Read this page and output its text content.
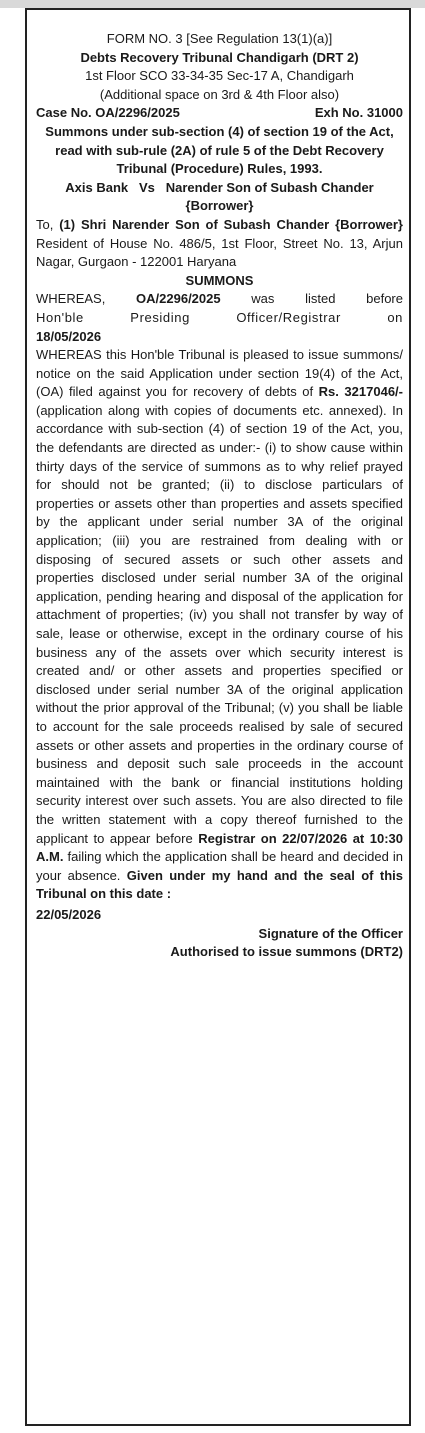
FORM NO. 3 [See Regulation 13(1)(a)]
Debts Recovery Tribunal Chandigarh (DRT 2)
1st Floor SCO 33-34-35 Sec-17 A, Chandigarh
(Additional space on 3rd & 4th Floor also)
Case No. OA/2296/2025	Exh No. 31000
Summons under sub-section (4) of section 19 of the Act, read with sub-rule (2A) of rule 5 of the Debt Recovery Tribunal (Procedure) Rules, 1993.
Axis Bank   Vs   Narender Son of Subash Chander {Borrower}

To, (1) Shri Narender Son of Subash Chander {Borrower} Resident of House No. 486/5, 1st Floor, Street No. 13, Arjun Nagar, Gurgaon - 122001 Haryana

SUMMONS

WHEREAS, OA/2296/2025 was listed before

Hon'ble Presiding Officer/Registrar on

18/05/2026

WHEREAS this Hon'ble Tribunal is pleased to issue summons/ notice on the said Application under section 19(4) of the Act, (OA) filed against you for recovery of debts of Rs. 3217046/- (application along with copies of documents etc. annexed). In accordance with sub-section (4) of section 19 of the Act, you, the defendants are directed as under:- (i) to show cause within thirty days of the service of summons as to why relief prayed for should not be granted; (ii) to disclose particulars of properties or assets other than properties and assets specified by the applicant under serial number 3A of the original application; (iii) you are restrained from dealing with or disposing of secured assets or such other assets and properties disclosed under serial number 3A of the original application, pending hearing and disposal of the application for attachment of properties; (iv) you shall not transfer by way of sale, lease or otherwise, except in the ordinary course of his business any of the assets over which security interest is created and/ or other assets and properties specified or disclosed under serial number 3A of the original application without the prior approval of the Tribunal; (v) you shall be liable to account for the sale proceeds realised by sale of secured assets or other assets and properties in the ordinary course of business and deposit such sale proceeds in the account maintained with the bank or financial institutions holding security interest over such assets. You are also directed to file the written statement with a copy thereof furnished to the applicant to appear before Registrar on 22/07/2026 at 10:30 A.M. failing which the application shall be heard and decided in your absence. Given under my hand and the seal of this Tribunal on this date :

22/05/2026
Signature of the Officer
Authorised to issue summons (DRT2)
